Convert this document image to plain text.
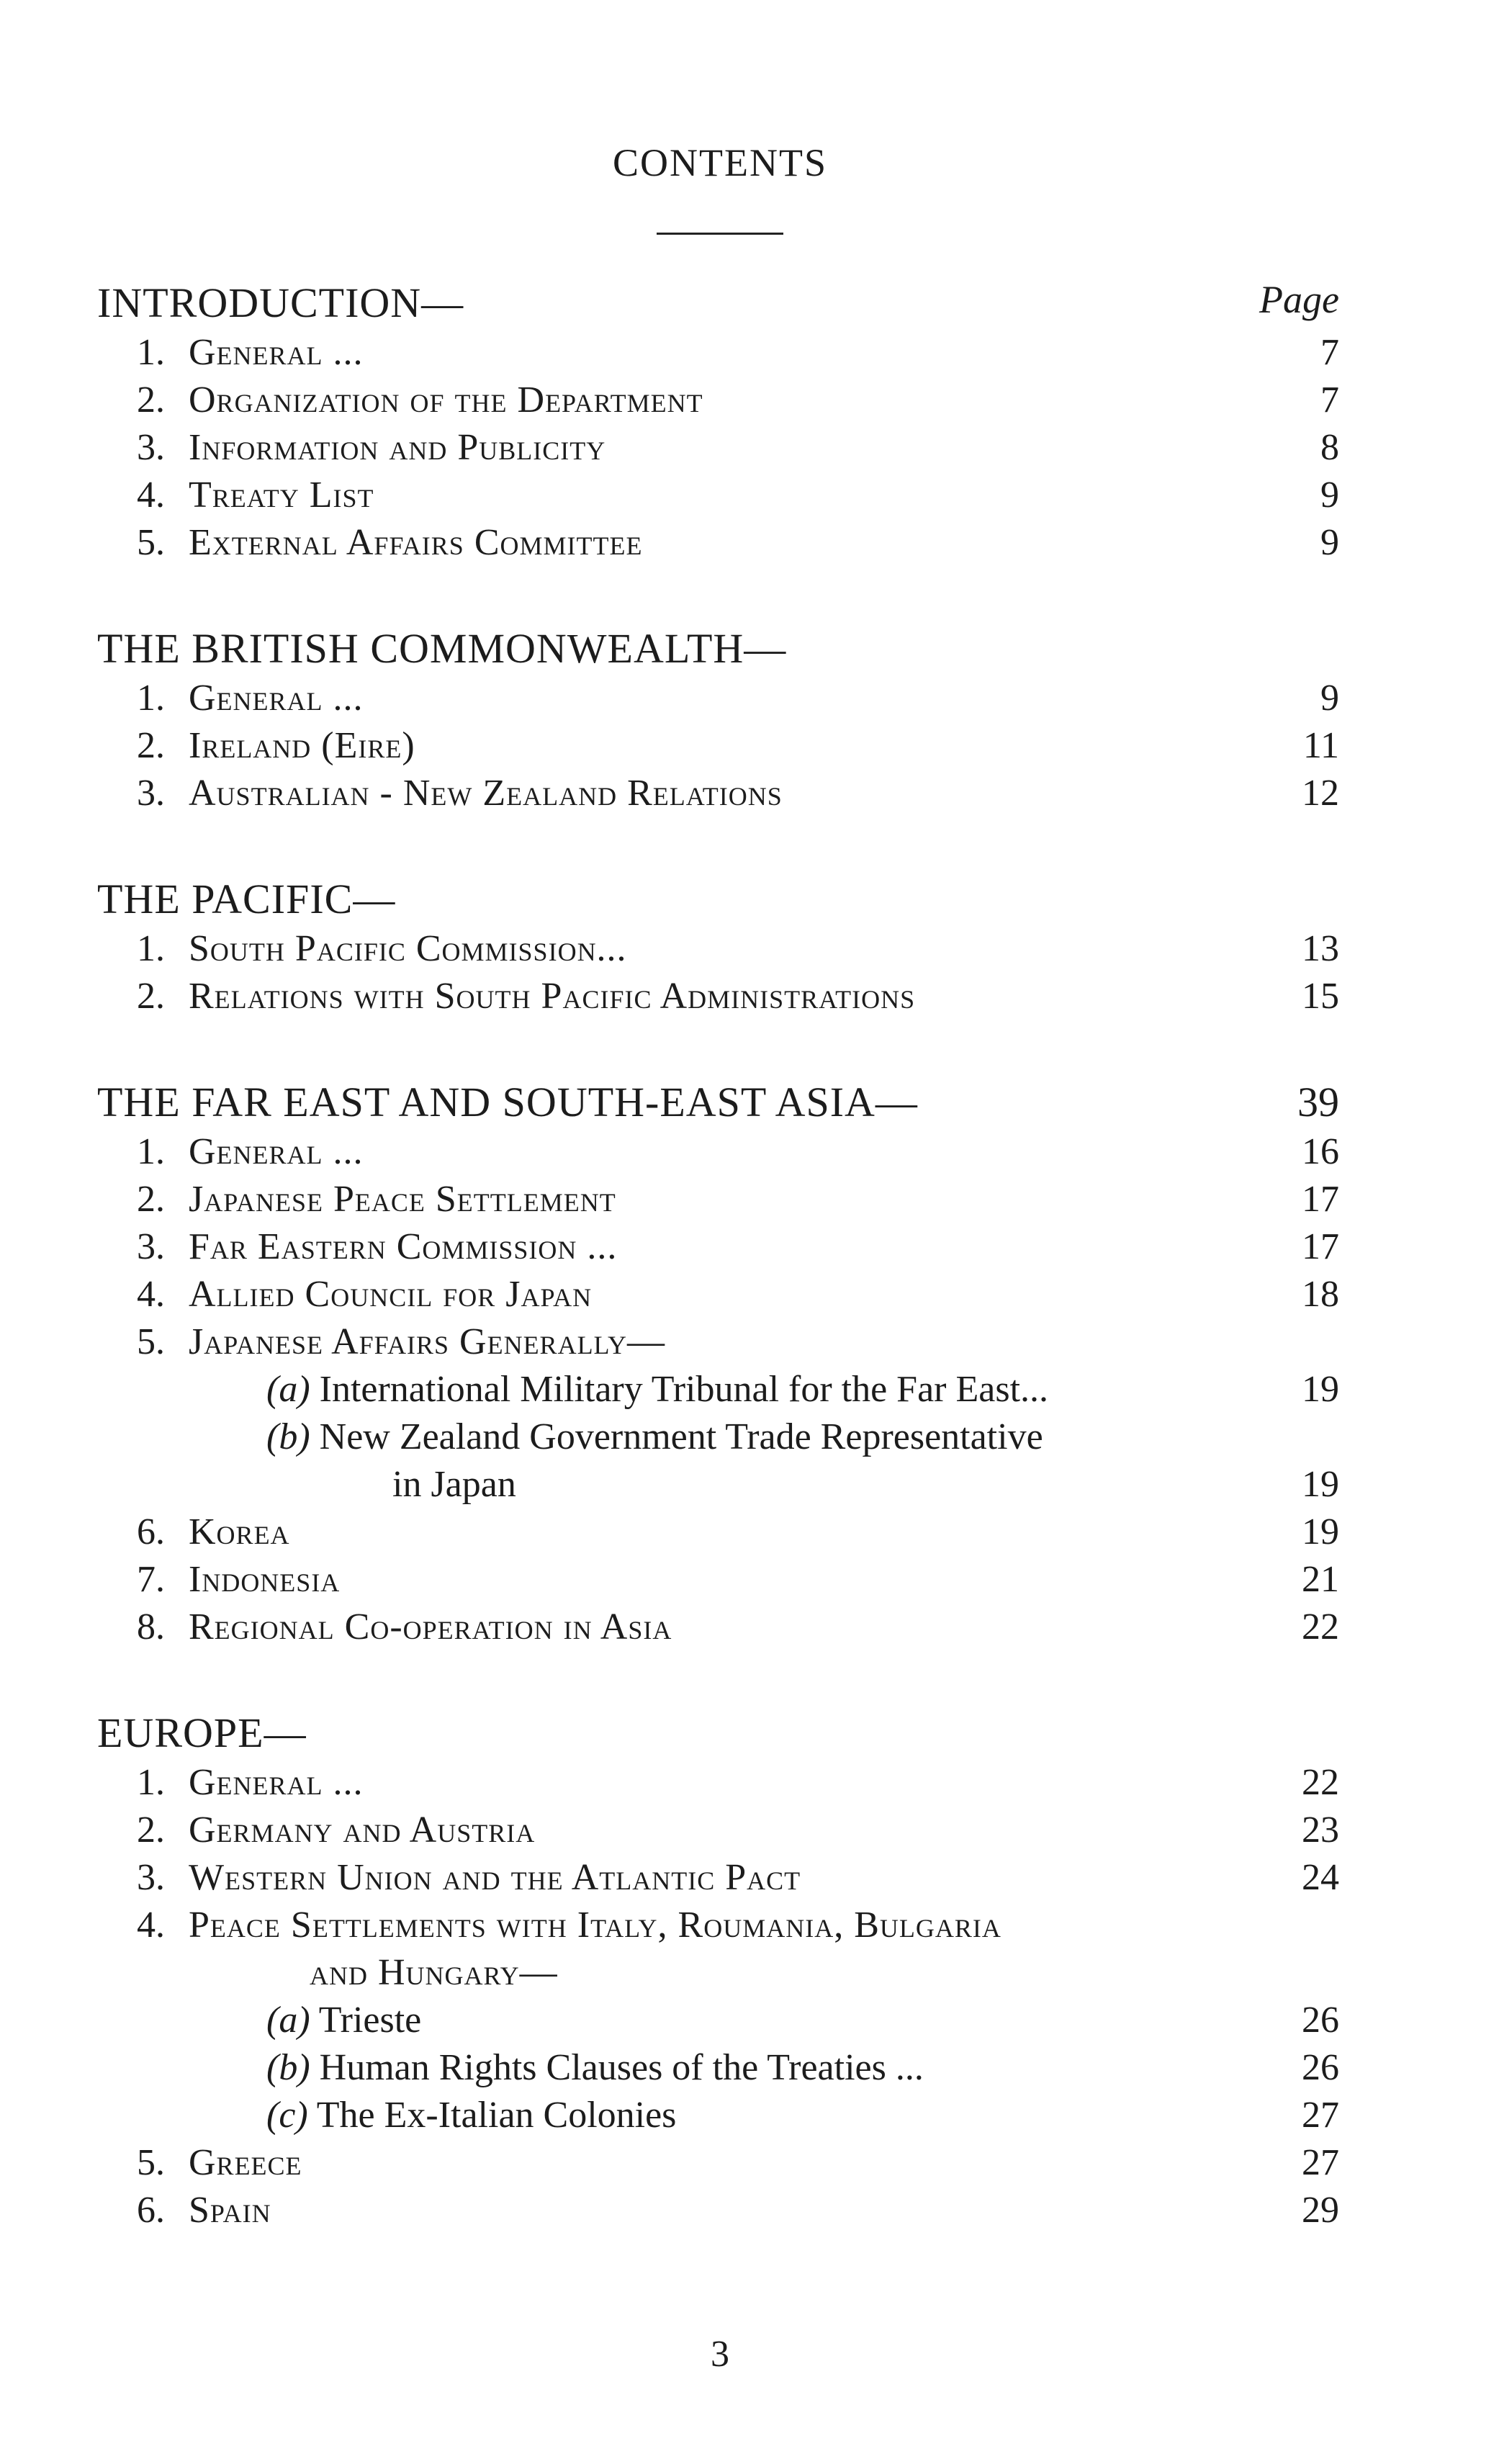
CONTENTS
Page
INTRODUCTION—
1. General ...	7
2. Organization of the Department	7
3. Information and Publicity	8
4. Treaty List	9
5. External Affairs Committee	9
THE BRITISH COMMONWEALTH—
1. General ...	9
2. Ireland (Eire)	11
3. Australian - New Zealand Relations	12
THE PACIFIC—
1. South Pacific Commission...	13
2. Relations with South Pacific Administrations	15
THE FAR EAST AND SOUTH-EAST ASIA—	39
1. General ...	16
2. Japanese Peace Settlement	17
3. Far Eastern Commission ...	17
4. Allied Council for Japan	18
5. Japanese Affairs Generally—
(a) International Military Tribunal for the Far East...	19
(b) New Zealand Government Trade Representative
in Japan	19
6. Korea	19
7. Indonesia	21
8. Regional Co-operation in Asia	22
EUROPE—
1. General ...	22
2. Germany and Austria	23
3. Western Union and the Atlantic Pact	24
4. Peace Settlements with Italy, Roumania, Bulgaria
and Hungary—
(a) Trieste	26
(b) Human Rights Clauses of the Treaties ...	26
(c) The Ex-Italian Colonies	27
5. Greece	27
6. Spain	29
3
